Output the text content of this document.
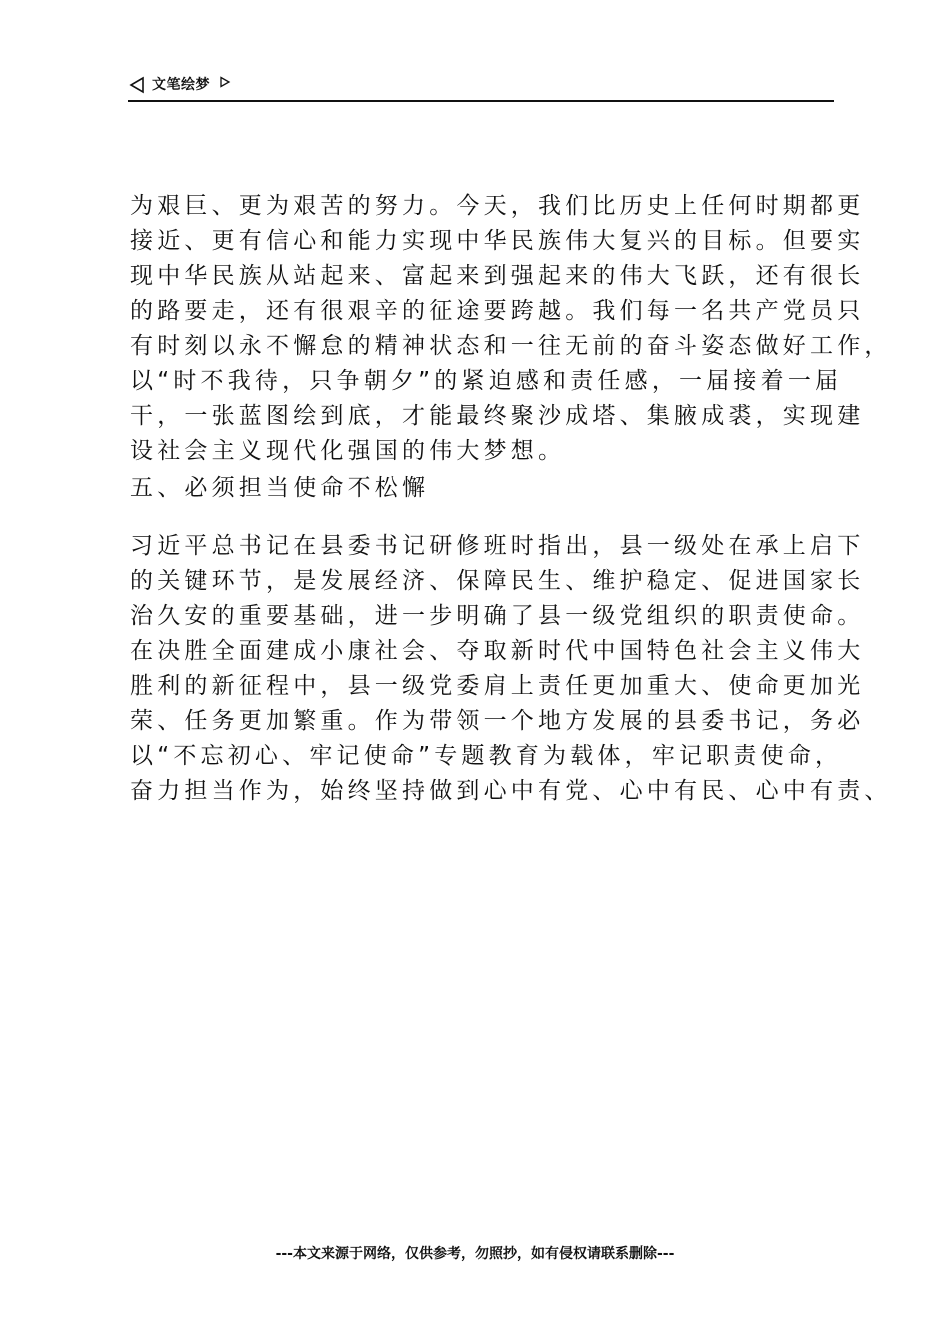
文笔绘梦
为艰巨、更为艰苦的努力。今天，我们比历史上任何时期都更
接近、更有信心和能力实现中华民族伟大复兴的目标。但要实
现中华民族从站起来、富起来到强起来的伟大飞跃，还有很长
的路要走，还有很艰辛的征途要跨越。我们每一名共产党员只
有时刻以永不懈怠的精神状态和一往无前的奋斗姿态做好工作，
以“时不我待，只争朝夕”的紧迫感和责任感，一届接着一届
干，一张蓝图绘到底，才能最终聚沙成塔、集腋成裘，实现建
设社会主义现代化强国的伟大梦想。
五、必须担当使命不松懈
习近平总书记在县委书记研修班时指出，县一级处在承上启下
的关键环节，是发展经济、保障民生、维护稳定、促进国家长
治久安的重要基础，进一步明确了县一级党组织的职责使命。
在决胜全面建成小康社会、夺取新时代中国特色社会主义伟大
胜利的新征程中，县一级党委肩上责任更加重大、使命更加光
荣、任务更加繁重。作为带领一个地方发展的县委书记，务必
以“不忘初心、牢记使命”专题教育为载体，牢记职责使命，
奋力担当作为，始终坚持做到心中有党、心中有民、心中有责、
---本文来源于网络，仅供参考，勿照抄，如有侵权请联系删除---
